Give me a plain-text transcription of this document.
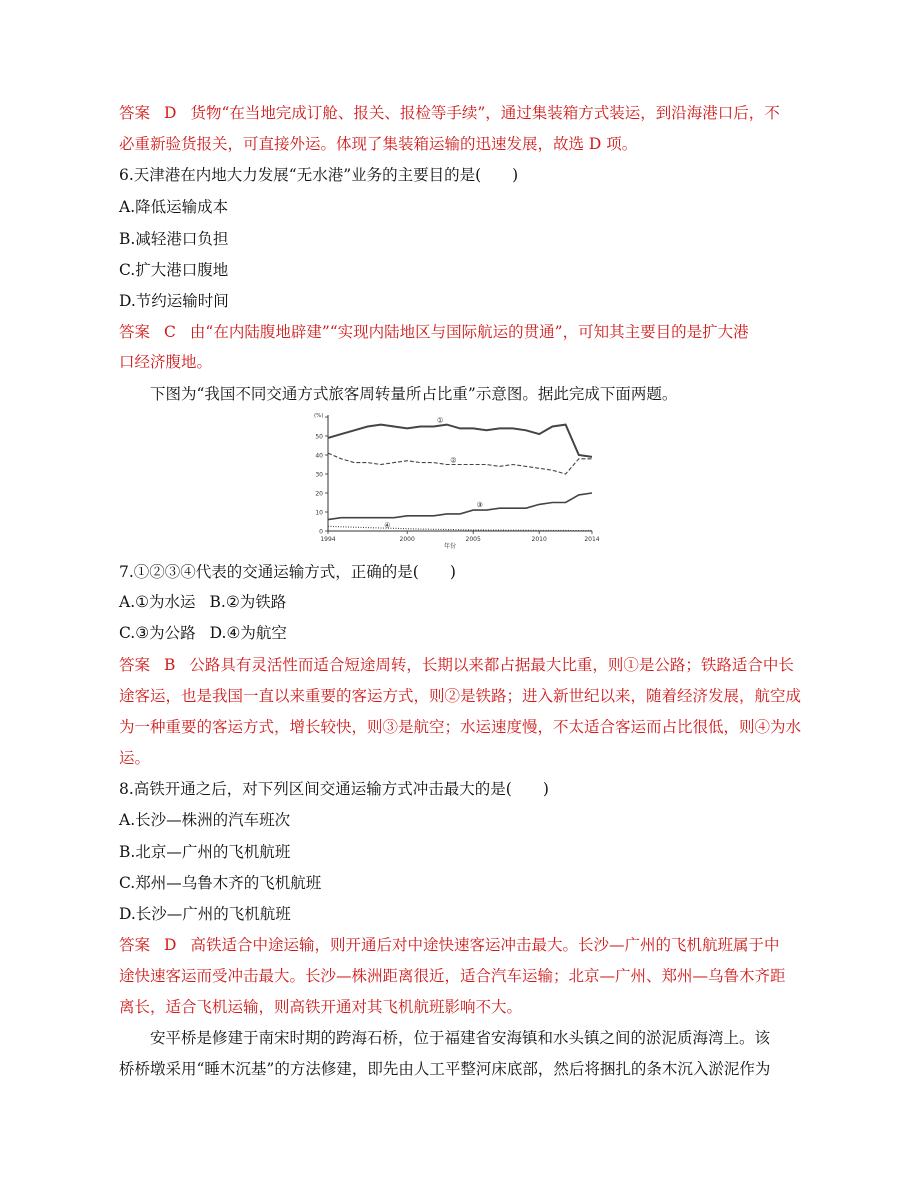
答案 D 货物“在当地完成订舱、报关、报检等手续”，通过集装箱方式装运，到沿海港口后，不
必重新验货报关，可直接外运。体现了集装箱运输的迅速发展，故选 D 项。
6.天津港在内地大力发展“无水港”业务的主要目的是(　　)
A.降低运输成本
B.减轻港口负担
C.扩大港口腹地
D.节约运输时间
答案 C 由“在内陆腹地辟建”“实现内陆地区与国际航运的贯通”，可知其主要目的是扩大港
口经济腹地。
下图为“我国不同交通方式旅客周转量所占比重”示意图。据此完成下面两题。
0
10
20
30
40
50
(%)
1994	2000	2005	2010	2014
年份
①
②
③
④
7.①②③④代表的交通运输方式，正确的是(　　)
A.①为水运 B.②为铁路
C.③为公路 D.④为航空
答案 B 公路具有灵活性而适合短途周转，长期以来都占据最大比重，则①是公路；铁路适合中长
途客运，也是我国一直以来重要的客运方式，则②是铁路；进入新世纪以来，随着经济发展，航空成
为一种重要的客运方式，增长较快，则③是航空；水运速度慢，不太适合客运而占比很低，则④为水
运。
8.高铁开通之后，对下列区间交通运输方式冲击最大的是(　　)
A.长沙—株洲的汽车班次
B.北京—广州的飞机航班
C.郑州—乌鲁木齐的飞机航班
D.长沙—广州的飞机航班
答案 D 高铁适合中途运输，则开通后对中途快速客运冲击最大。长沙—广州的飞机航班属于中
途快速客运而受冲击最大。长沙—株洲距离很近，适合汽车运输；北京—广州、郑州—乌鲁木齐距
离长，适合飞机运输，则高铁开通对其飞机航班影响不大。
安平桥是修建于南宋时期的跨海石桥，位于福建省安海镇和水头镇之间的淤泥质海湾上。该
桥桥墩采用“睡木沉基”的方法修建，即先由人工平整河床底部，然后将捆扎的条木沉入淤泥作为
